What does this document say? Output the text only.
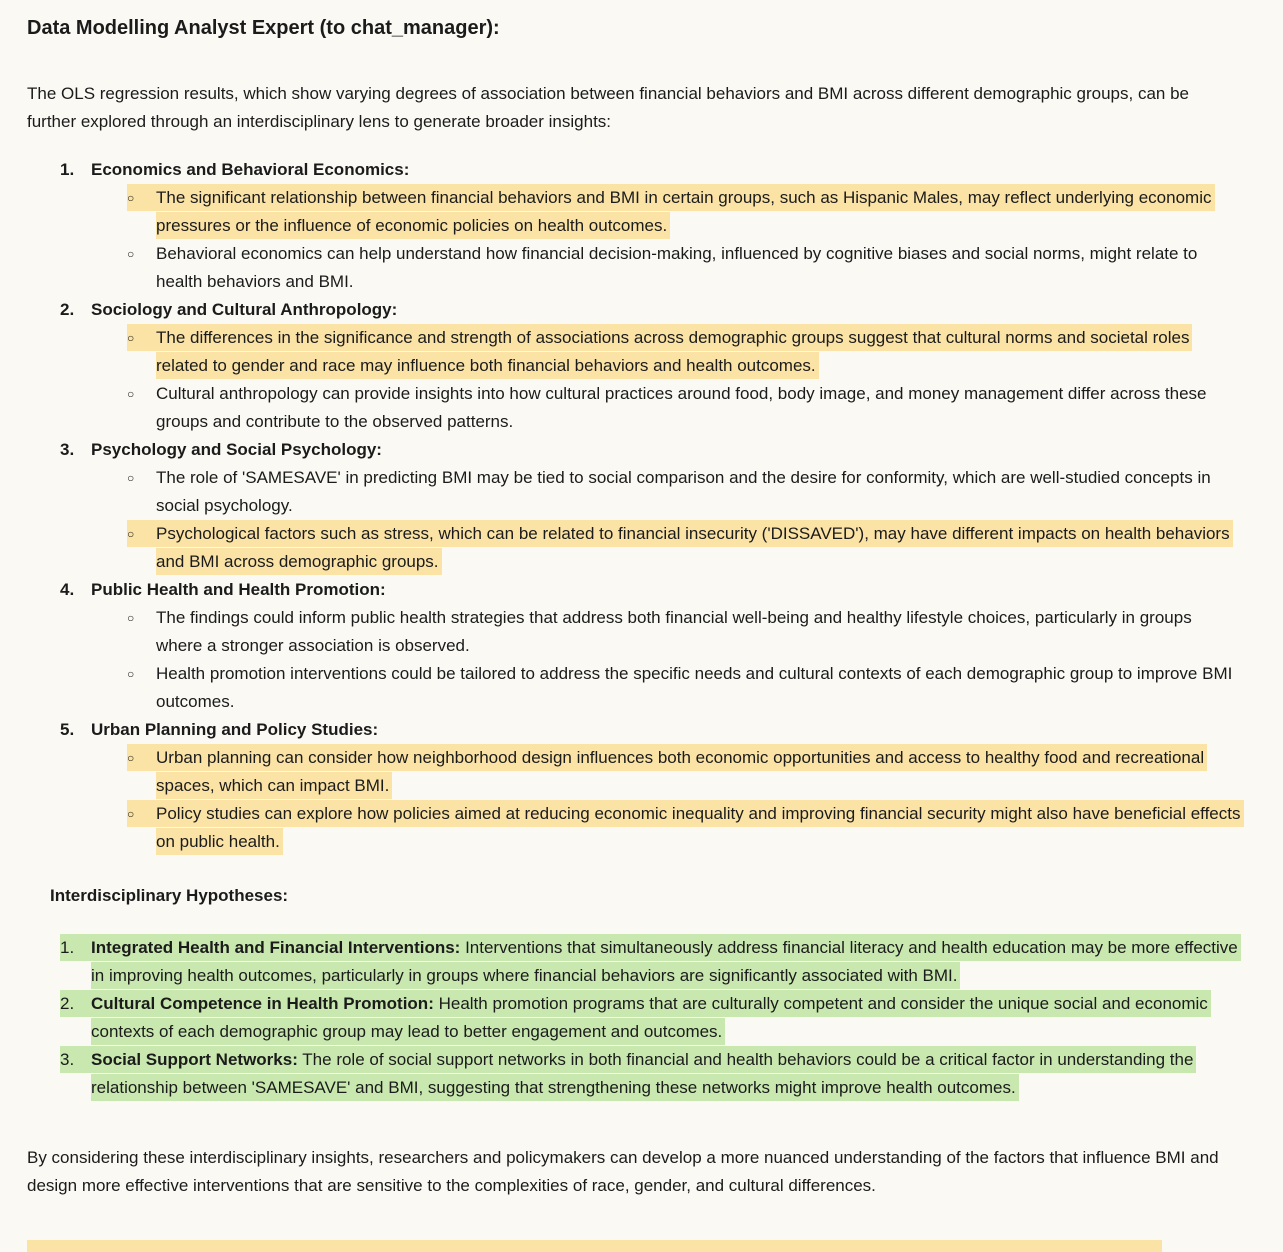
Data Modelling Analyst Expert (to chat_manager):

The OLS regression results, which show varying degrees of association between financial behaviors and BMI across different demographic groups, can be further explored through an interdisciplinary lens to generate broader insights:

1. Economics and Behavioral Economics:
○ The significant relationship between financial behaviors and BMI in certain groups, such as Hispanic Males, may reflect underlying economic pressures or the influence of economic policies on health outcomes.
○ Behavioral economics can help understand how financial decision-making, influenced by cognitive biases and social norms, might relate to health behaviors and BMI.
2. Sociology and Cultural Anthropology:
○ The differences in the significance and strength of associations across demographic groups suggest that cultural norms and societal roles related to gender and race may influence both financial behaviors and health outcomes.
○ Cultural anthropology can provide insights into how cultural practices around food, body image, and money management differ across these groups and contribute to the observed patterns.
3. Psychology and Social Psychology:
○ The role of 'SAMESAVE' in predicting BMI may be tied to social comparison and the desire for conformity, which are well-studied concepts in social psychology.
○ Psychological factors such as stress, which can be related to financial insecurity ('DISSAVED'), may have different impacts on health behaviors and BMI across demographic groups.
4. Public Health and Health Promotion:
○ The findings could inform public health strategies that address both financial well-being and healthy lifestyle choices, particularly in groups where a stronger association is observed.
○ Health promotion interventions could be tailored to address the specific needs and cultural contexts of each demographic group to improve BMI outcomes.
5. Urban Planning and Policy Studies:
○ Urban planning can consider how neighborhood design influences both economic opportunities and access to healthy food and recreational spaces, which can impact BMI.
○ Policy studies can explore how policies aimed at reducing economic inequality and improving financial security might also have beneficial effects on public health.

Interdisciplinary Hypotheses:

1. Integrated Health and Financial Interventions: Interventions that simultaneously address financial literacy and health education may be more effective in improving health outcomes, particularly in groups where financial behaviors are significantly associated with BMI.
2. Cultural Competence in Health Promotion: Health promotion programs that are culturally competent and consider the unique social and economic contexts of each demographic group may lead to better engagement and outcomes.
3. Social Support Networks: The role of social support networks in both financial and health behaviors could be a critical factor in understanding the relationship between 'SAMESAVE' and BMI, suggesting that strengthening these networks might improve health outcomes.

By considering these interdisciplinary insights, researchers and policymakers can develop a more nuanced understanding of the factors that influence BMI and design more effective interventions that are sensitive to the complexities of race, gender, and cultural differences.
